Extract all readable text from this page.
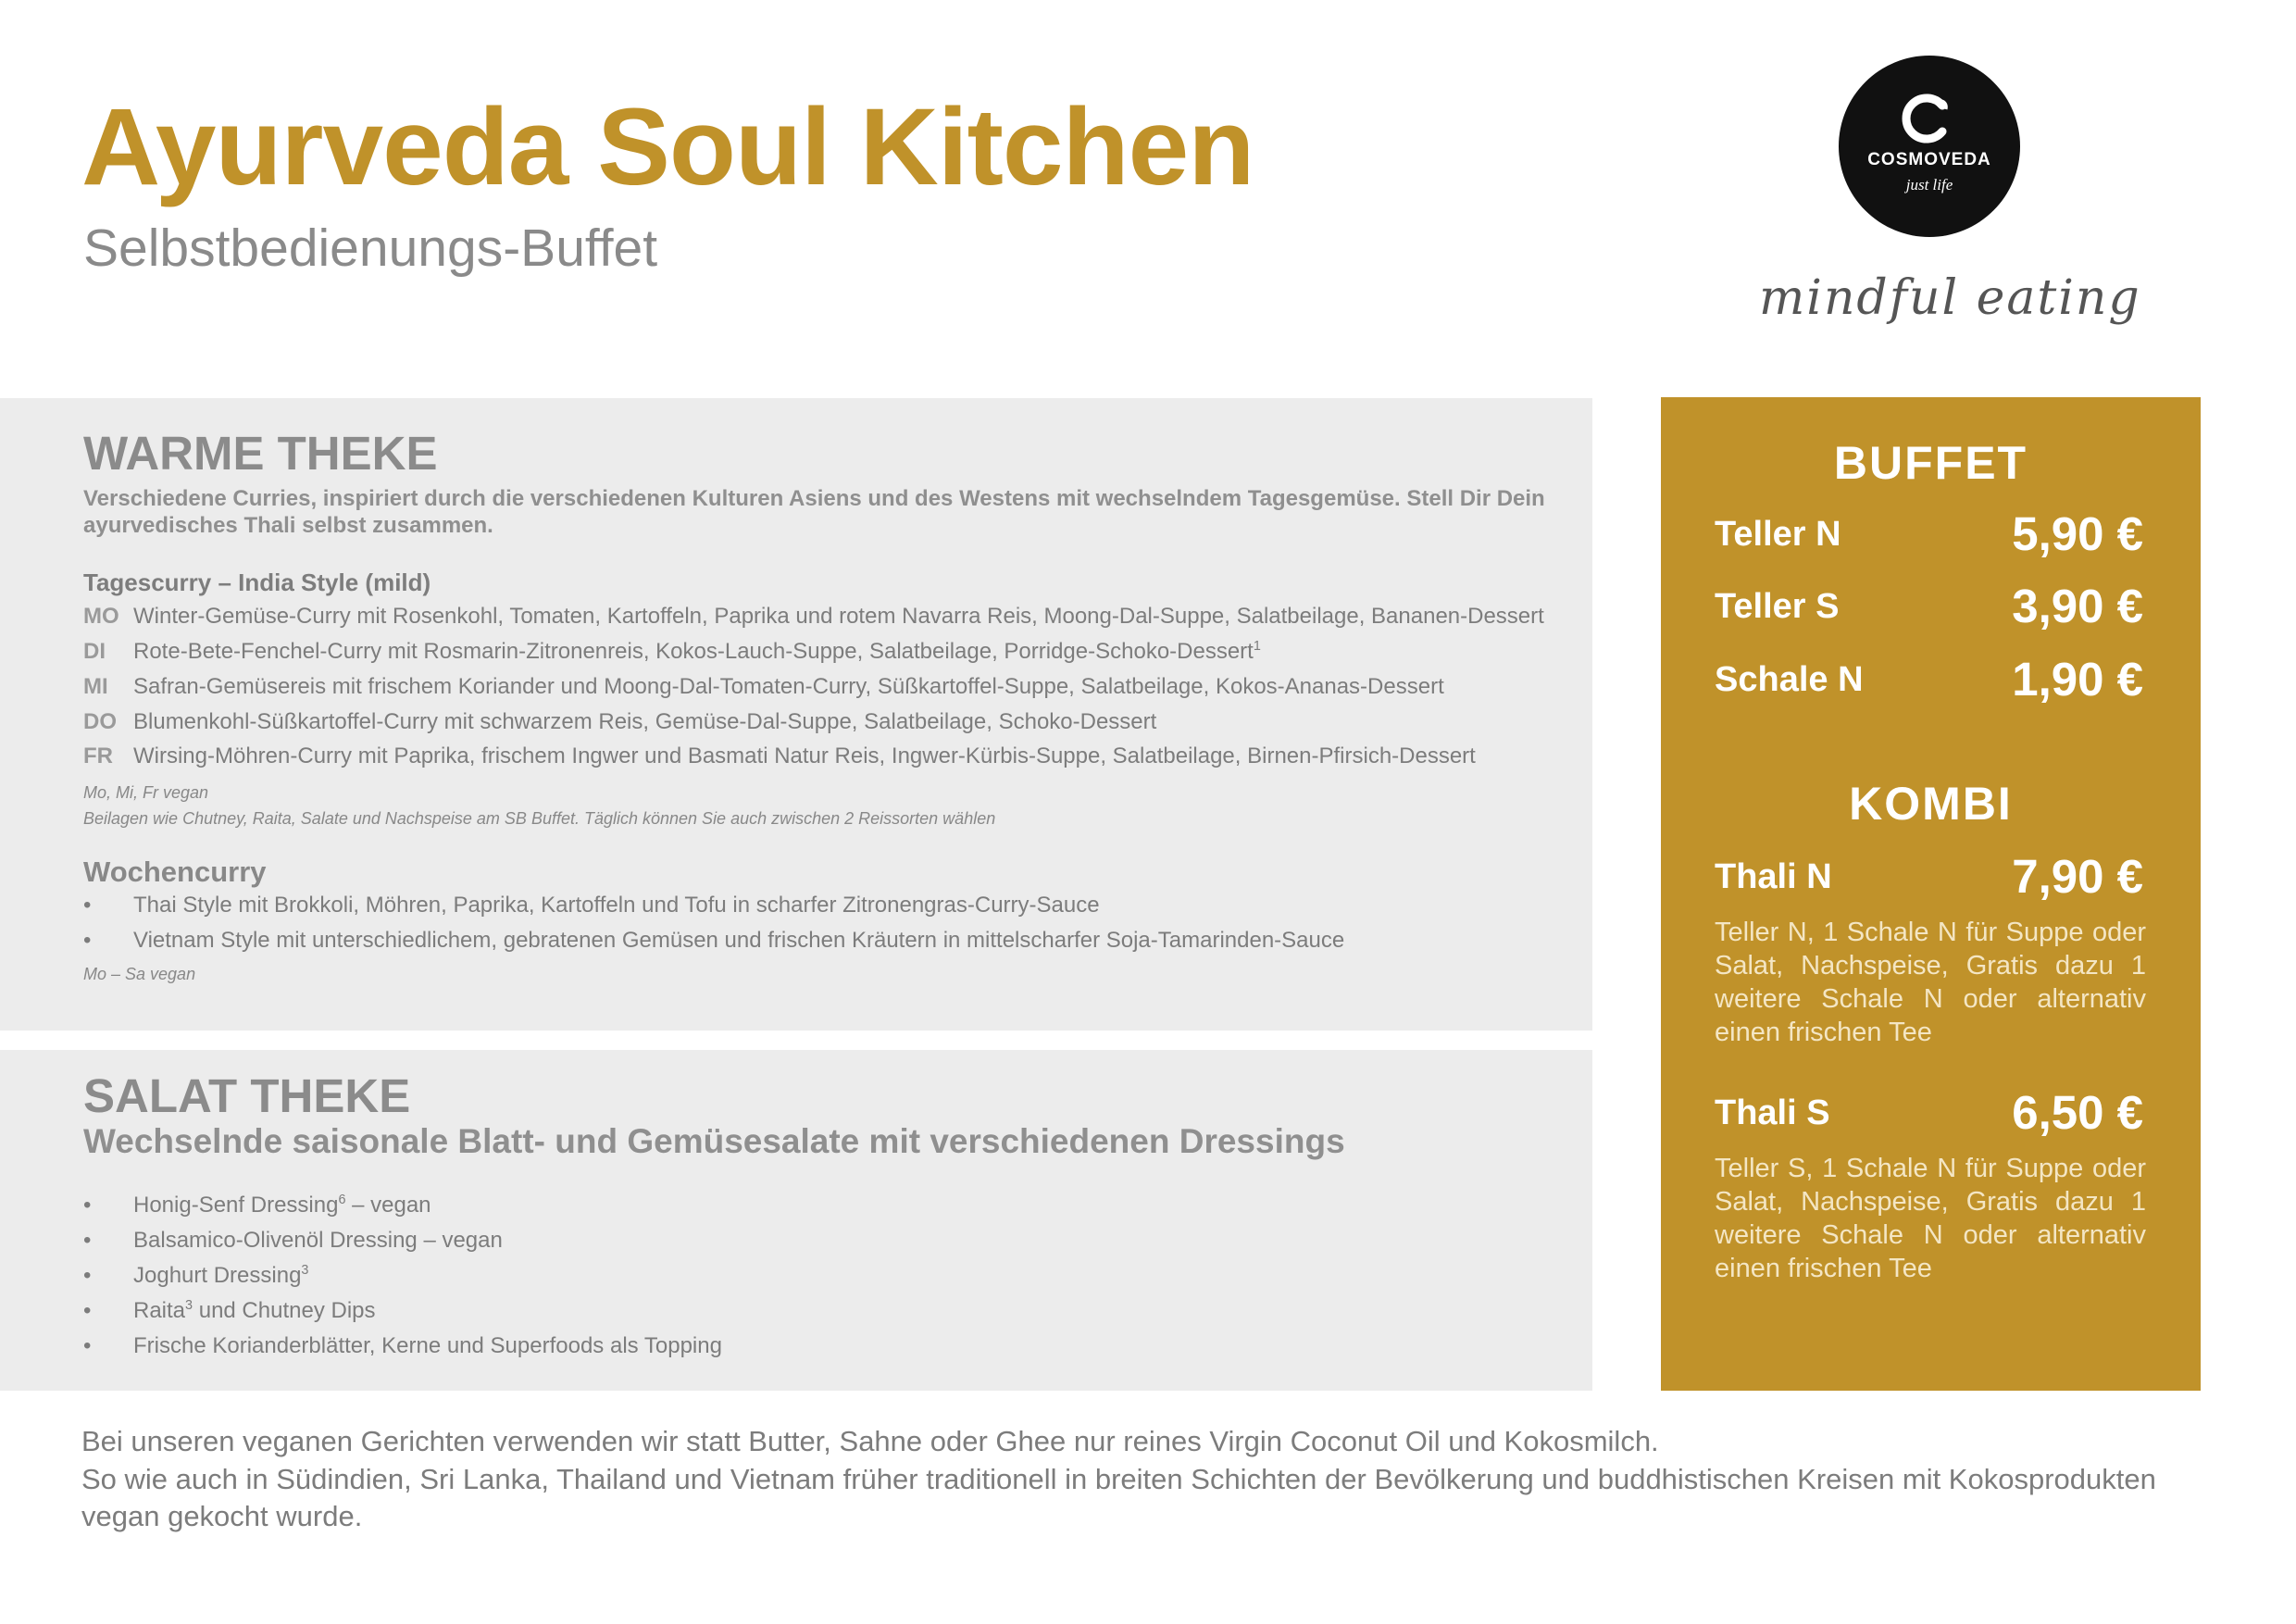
Ayurveda Soul Kitchen
Selbstbedienungs-Buffet
COSMOVEDA
just life
mindful eating
WARME THEKE
Verschiedene Curries, inspiriert durch die verschiedenen Kulturen Asiens und des Westens mit wechselndem Tagesgemüse. Stell Dir Dein ayurvedisches Thali selbst zusammen.
Tagescurry – India Style (mild)
MO Winter-Gemüse-Curry mit Rosenkohl, Tomaten, Kartoffeln, Paprika und rotem Navarra Reis, Moong-Dal-Suppe, Salatbeilage, Bananen-Dessert
DI Rote-Bete-Fenchel-Curry mit Rosmarin-Zitronenreis, Kokos-Lauch-Suppe, Salatbeilage, Porridge-Schoko-Dessert$^1$
MI Safran-Gemüsereis mit frischem Koriander und Moong-Dal-Tomaten-Curry, Süßkartoffel-Suppe, Salatbeilage, Kokos-Ananas-Dessert
DO Blumenkohl-Süßkartoffel-Curry mit schwarzem Reis, Gemüse-Dal-Suppe, Salatbeilage, Schoko-Dessert
FR Wirsing-Möhren-Curry mit Paprika, frischem Ingwer und Basmati Natur Reis, Ingwer-Kürbis-Suppe, Salatbeilage, Birnen-Pfirsich-Dessert
Mo, Mi, Fr vegan
Beilagen wie Chutney, Raita, Salate und Nachspeise am SB Buffet. Täglich können Sie auch zwischen 2 Reissorten wählen
Wochencurry
• Thai Style mit Brokkoli, Möhren, Paprika, Kartoffeln und Tofu in scharfer Zitronengras-Curry-Sauce
• Vietnam Style mit unterschiedlichem, gebratenen Gemüsen und frischen Kräutern in mittelscharfer Soja-Tamarinden-Sauce
Mo – Sa vegan
SALAT THEKE
Wechselnde saisonale Blatt- und Gemüsesalate mit verschiedenen Dressings
• Honig-Senf Dressing$^6$ – vegan
• Balsamico-Olivenöl Dressing – vegan
• Joghurt Dressing$^3$
• Raita$^3$ und Chutney Dips
• Frische Korianderblätter, Kerne und Superfoods als Topping
BUFFET
Teller N	5,90 €
Teller S	3,90 €
Schale N	1,90 €
KOMBI
Thali N	7,90 €
Teller N, 1 Schale N für Suppe oder Salat, Nachspeise, Gratis dazu 1 weitere Schale N oder alternativ einen frischen Tee
Thali S	6,50 €
Teller S, 1 Schale N für Suppe oder Salat, Nachspeise, Gratis dazu 1 weitere Schale N oder alternativ einen frischen Tee
Bei unseren veganen Gerichten verwenden wir statt Butter, Sahne oder Ghee nur reines Virgin Coconut Oil und Kokosmilch.
So wie auch in Südindien, Sri Lanka, Thailand und Vietnam früher traditionell in breiten Schichten der Bevölkerung und buddhistischen Kreisen mit Kokosprodukten
vegan gekocht wurde.
